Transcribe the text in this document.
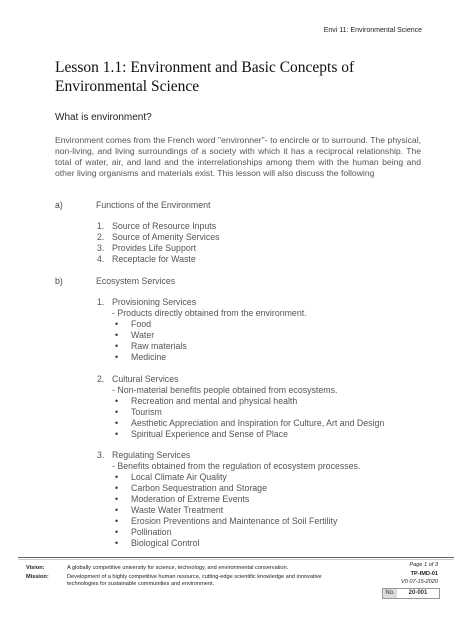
Envi 11: Environmental Science
Lesson 1.1: Environment and Basic Concepts of Environmental Science
What is environment?
Environment comes from the French word "environner"- to encircle or to surround. The physical, non-living, and living surroundings of a society with which it has a reciprocal relationship. The total of water, air, and land and the interrelationships among them with the human being and other living organisms and materials exist. This lesson will also discuss the following
a)	Functions of the Environment
1. Source of Resource Inputs
2. Source of Amenity Services
3. Provides Life Support
4. Receptacle for Waste
b)	Ecosystem Services
1. Provisioning Services
- Products directly obtained from the environment.
• Food
• Water
• Raw materials
• Medicine
2. Cultural Services
- Non-material benefits people obtained from ecosystems.
• Recreation and mental and physical health
• Tourism
• Aesthetic Appreciation and Inspiration for Culture, Art and Design
• Spiritual Experience and Sense of Place
3. Regulating Services
- Benefits obtained from the regulation of ecosystem processes.
• Local Climate Air Quality
• Carbon Sequestration and Storage
• Moderation of Extreme Events
• Waste Water Treatment
• Erosion Preventions and Maintenance of Soil Fertility
• Pollination
• Biological Control
Vision:	A globally competitive university for science, technology, and environmental conservation.
Mission:	Development of a highly competitive human resource, cutting-edge scientific knowledge and innovative technologies for sustainable communities and environment.
Page 1 of 3
TP-IMD-01
V0 07-15-2020
No.	20-001
